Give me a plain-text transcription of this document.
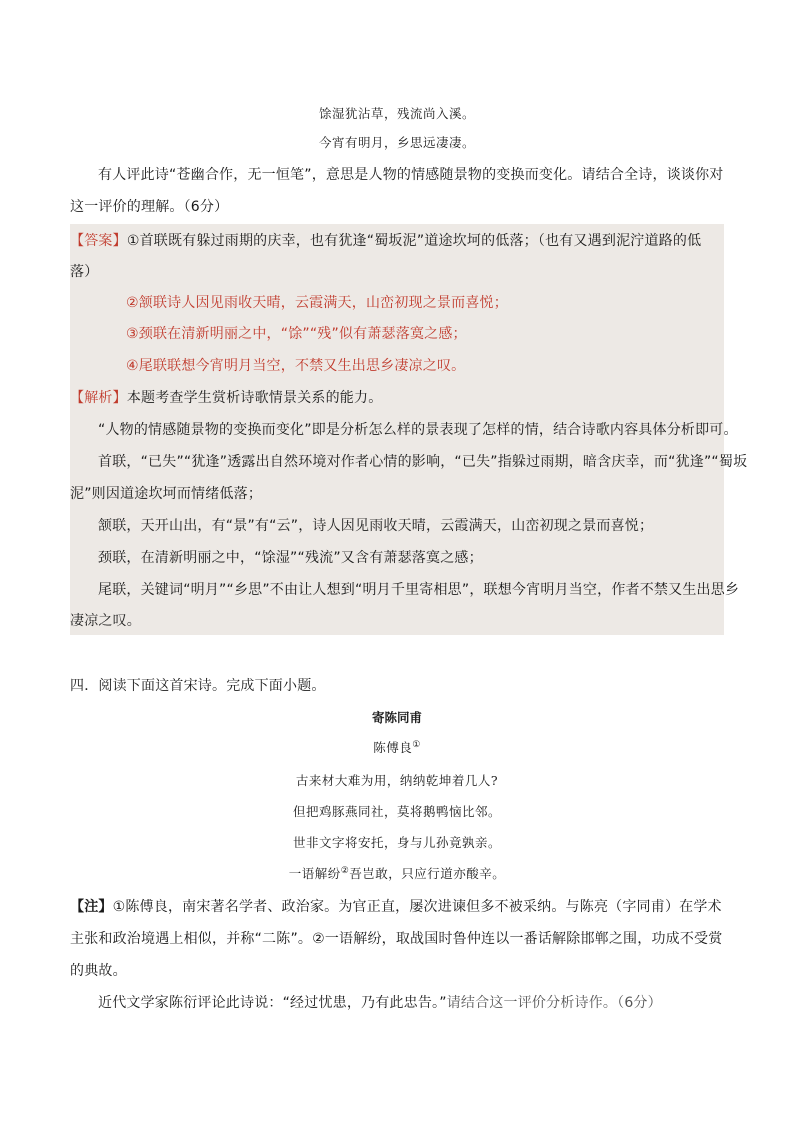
馀湿犹沾草，残流尚入溪。
今宵有明月，乡思远凄凄。
有人评此诗“苍幽合作，无一恒笔”，意思是人物的情感随景物的变换而变化。请结合全诗，谈谈你对
这一评价的理解。（6分）
【答案】①首联既有躲过雨期的庆幸，也有犹逢“蜀坂泥”道途坎坷的低落；（也有又遇到泥泞道路的低
落）
②颔联诗人因见雨收天晴，云霞满天，山峦初现之景而喜悦；
③颈联在清新明丽之中，“馀”“残”似有萧瑟落寞之感；
④尾联联想今宵明月当空，不禁又生出思乡凄凉之叹。
【解析】本题考查学生赏析诗歌情景关系的能力。
“人物的情感随景物的变换而变化”即是分析怎么样的景表现了怎样的情，结合诗歌内容具体分析即可。
首联，“已失”“犹逢”透露出自然环境对作者心情的影响，“已失”指躲过雨期，暗含庆幸，而“犹逢”“蜀坂
泥”则因道途坎坷而情绪低落；
颔联，天开山出，有“景”有“云”，诗人因见雨收天晴，云霞满天，山峦初现之景而喜悦；
颈联，在清新明丽之中，“馀湿”“残流”又含有萧瑟落寞之感；
尾联，关键词“明月”“乡思”不由让人想到“明月千里寄相思”，联想今宵明月当空，作者不禁又生出思乡
凄凉之叹。
四．阅读下面这首宋诗。完成下面小题。
寄陈同甫
陈傅良①
古来材大难为用，纳纳乾坤着几人?
但把鸡豚燕同社，莫将鹅鸭恼比邻。
世非文字将安托，身与儿孙竟孰亲。
一语解纷②吾岂敢，只应行道亦酸辛。
【注】①陈傅良，南宋著名学者、政治家。为官正直，屡次进谏但多不被采纳。与陈亮（字同甫）在学术
主张和政治境遇上相似，并称“二陈”。②一语解纷，取战国时鲁仲连以一番话解除邯郸之围，功成不受赏
的典故。
近代文学家陈衍评论此诗说：“经过忧患，乃有此忠告。”请结合这一评价分析诗作。（6分）
